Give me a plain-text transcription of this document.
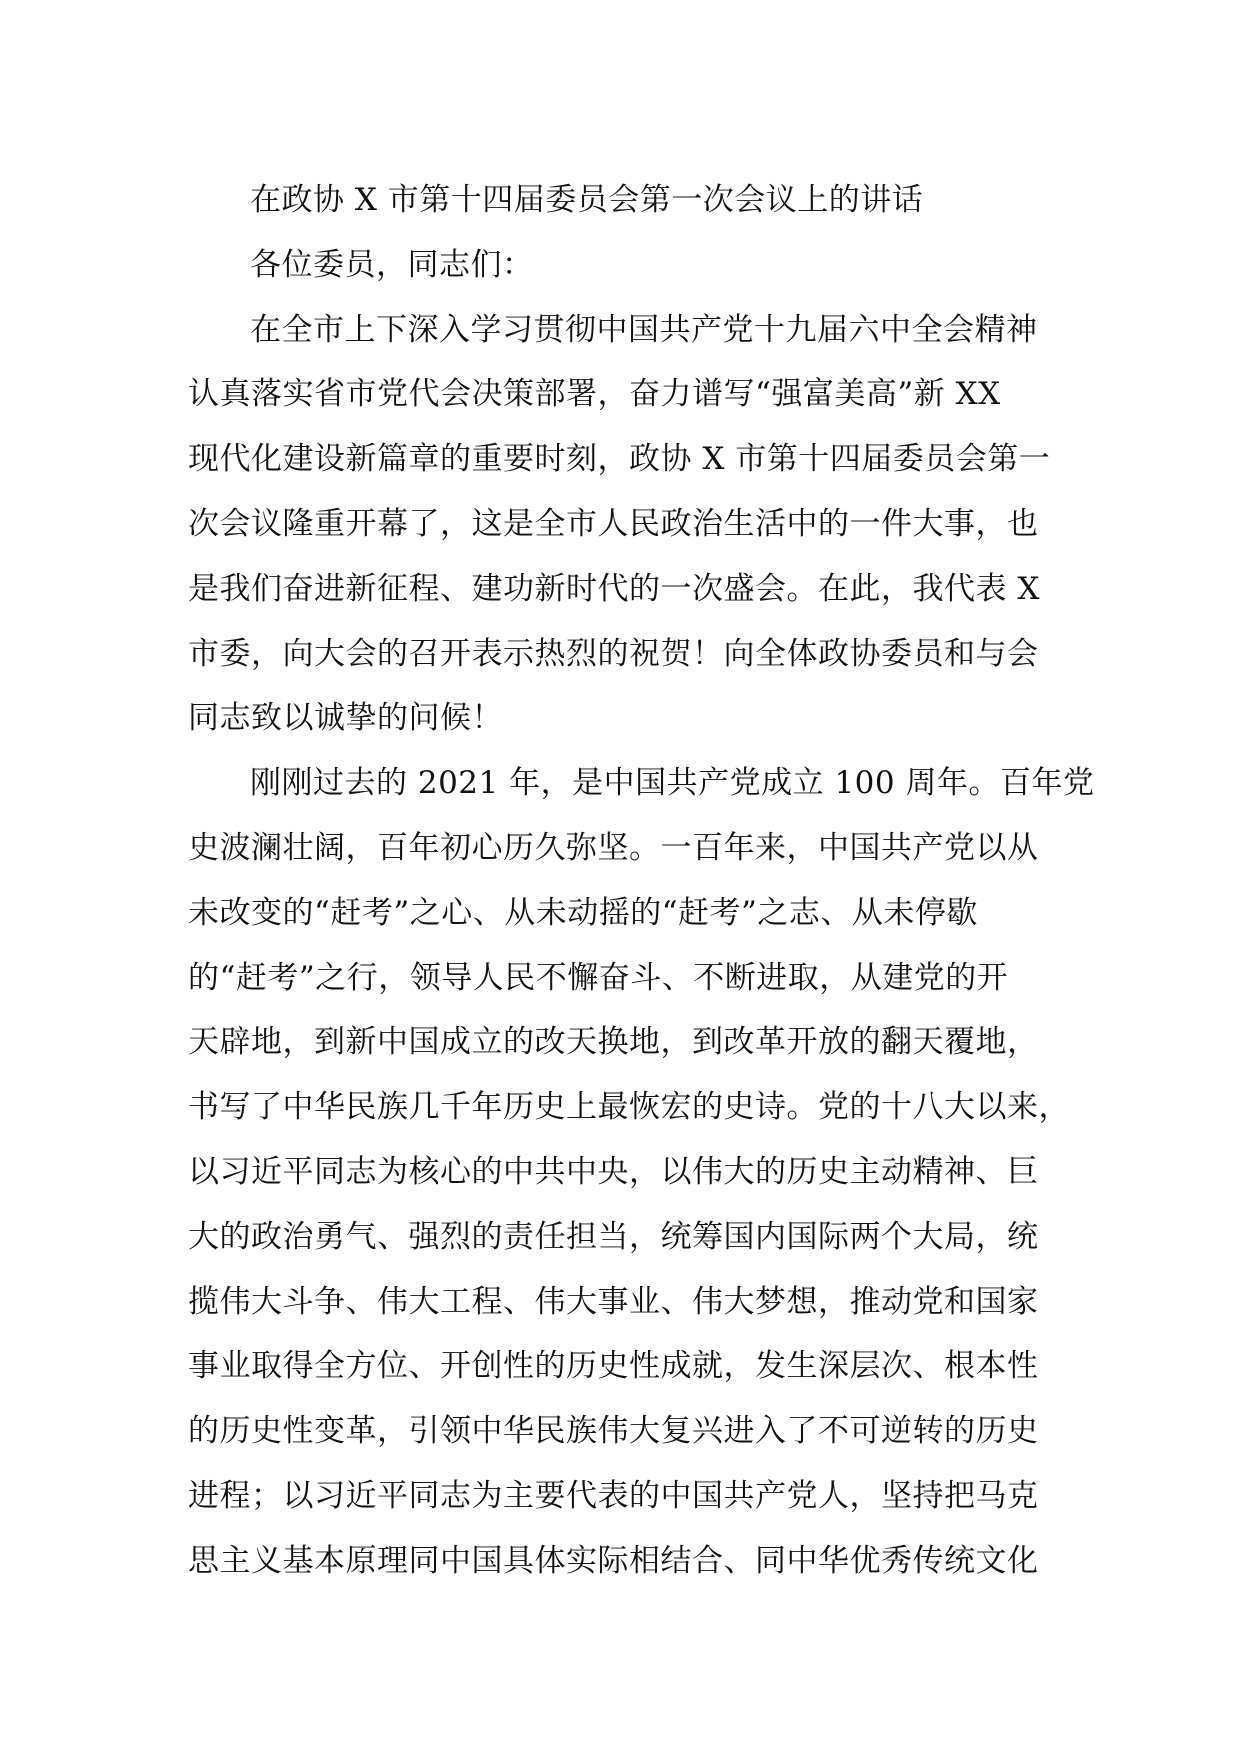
在政协 X 市第十四届委员会第一次会议上的讲话
各位委员，同志们：
在全市上下深入学习贯彻中国共产党十九届六中全会精神
认真落实省市党代会决策部署，奋力谱写“强富美高”新 XX
现代化建设新篇章的重要时刻，政协 X 市第十四届委员会第一
次会议隆重开幕了，这是全市人民政治生活中的一件大事，也
是我们奋进新征程、建功新时代的一次盛会。在此，我代表 X
市委，向大会的召开表示热烈的祝贺！向全体政协委员和与会
同志致以诚挚的问候！
刚刚过去的 2021 年，是中国共产党成立 100 周年。百年党
史波澜壮阔，百年初心历久弥坚。一百年来，中国共产党以从
未改变的“赶考”之心、从未动摇的“赶考”之志、从未停歇
的“赶考”之行，领导人民不懈奋斗、不断进取，从建党的开
天辟地，到新中国成立的改天换地，到改革开放的翻天覆地，
书写了中华民族几千年历史上最恢宏的史诗。党的十八大以来，
以习近平同志为核心的中共中央，以伟大的历史主动精神、巨
大的政治勇气、强烈的责任担当，统筹国内国际两个大局，统
揽伟大斗争、伟大工程、伟大事业、伟大梦想，推动党和国家
事业取得全方位、开创性的历史性成就，发生深层次、根本性
的历史性变革，引领中华民族伟大复兴进入了不可逆转的历史
进程；以习近平同志为主要代表的中国共产党人，坚持把马克
思主义基本原理同中国具体实际相结合、同中华优秀传统文化
